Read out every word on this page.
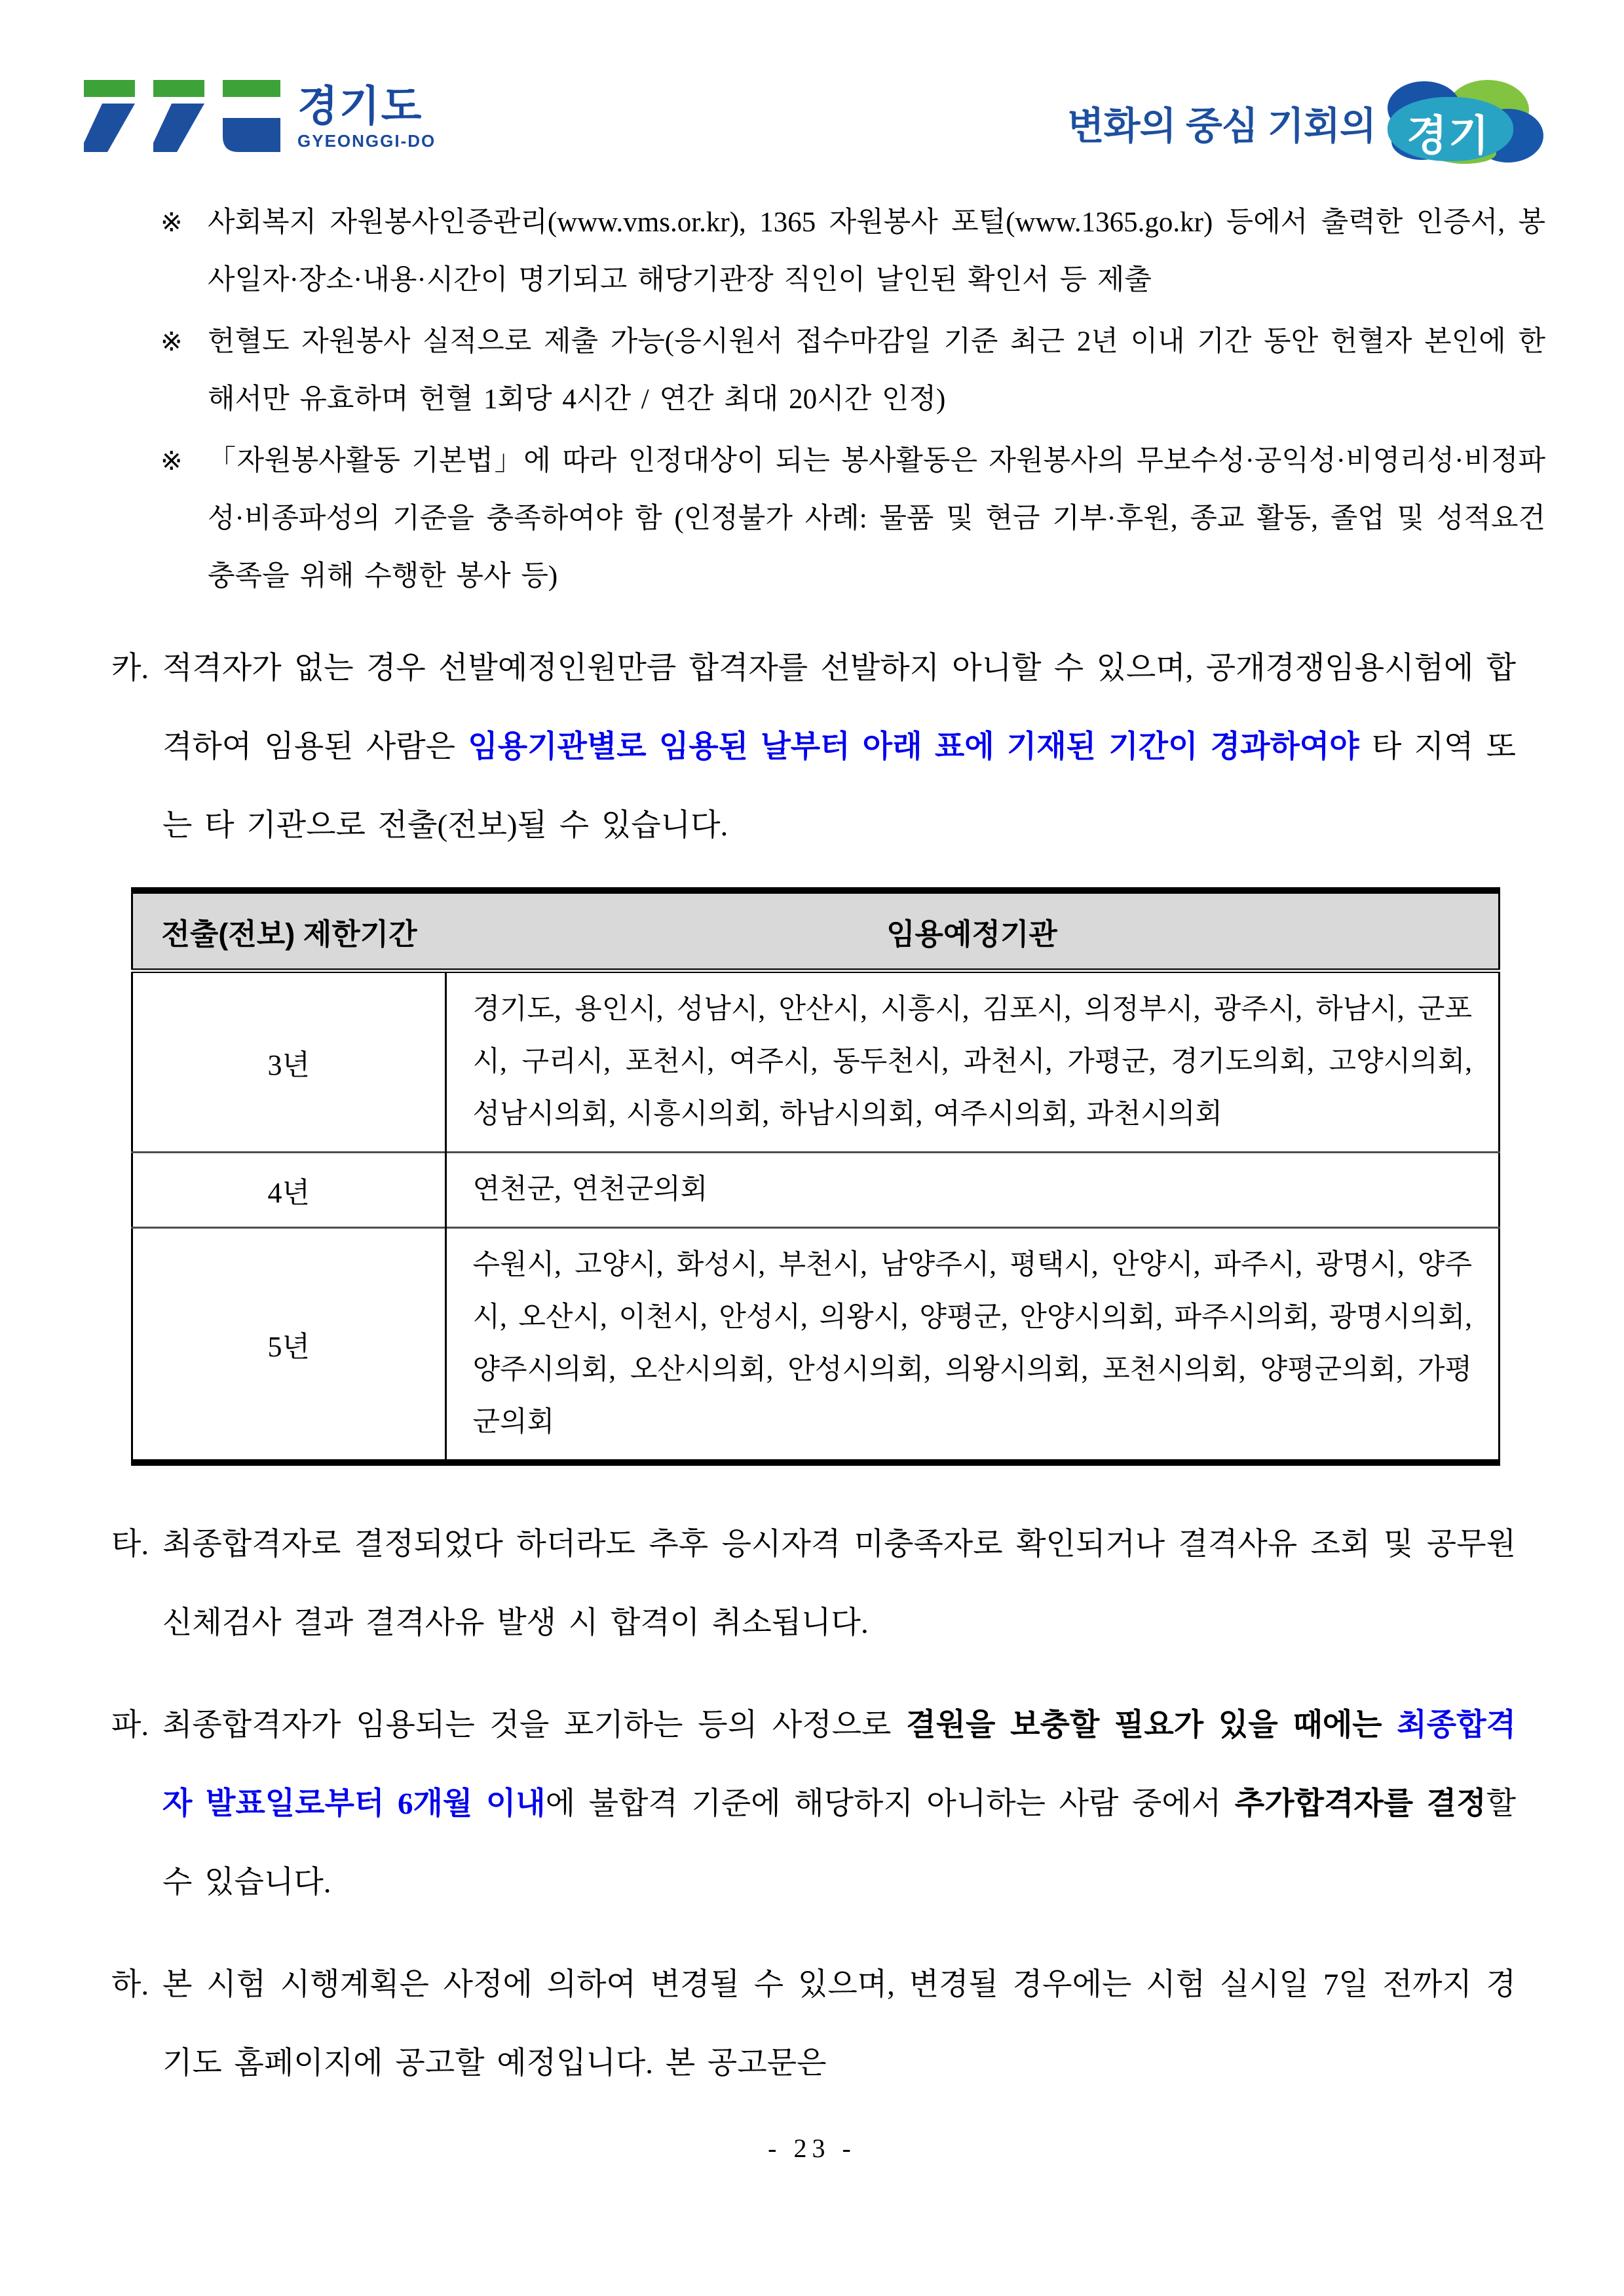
경기도
GYEONGGI-DO	변화의 중심 기회의 경기
※ 사회복지 자원봉사인증관리(www.vms.or.kr), 1365 자원봉사 포털(www.1365.go.kr) 등에서 출력한 인증서, 봉사일자·장소·내용·시간이 명기되고 해당기관장 직인이 날인된 확인서 등 제출
※ 헌혈도 자원봉사 실적으로 제출 가능(응시원서 접수마감일 기준 최근 2년 이내 기간 동안 헌혈자 본인에 한해서만 유효하며 헌혈 1회당 4시간 / 연간 최대 20시간 인정)
※ 「자원봉사활동 기본법」에 따라 인정대상이 되는 봉사활동은 자원봉사의 무보수성·공익성·비영리성·비정파성·비종파성의 기준을 충족하여야 함 (인정불가 사례: 물품 및 현금 기부·후원, 종교 활동, 졸업 및 성적요건 충족을 위해 수행한 봉사 등)
카. 적격자가 없는 경우 선발예정인원만큼 합격자를 선발하지 아니할 수 있으며, 공개경쟁임용시험에 합격하여 임용된 사람은 임용기관별로 임용된 날부터 아래 표에 기재된 기간이 경과하여야 타 지역 또는 타 기관으로 전출(전보)될 수 있습니다.
전출(전보) 제한기간	임용예정기관
3년	경기도, 용인시, 성남시, 안산시, 시흥시, 김포시, 의정부시, 광주시, 하남시, 군포시, 구리시, 포천시, 여주시, 동두천시, 과천시, 가평군, 경기도의회, 고양시의회, 성남시의회, 시흥시의회, 하남시의회, 여주시의회, 과천시의회
4년	연천군, 연천군의회
5년	수원시, 고양시, 화성시, 부천시, 남양주시, 평택시, 안양시, 파주시, 광명시, 양주시, 오산시, 이천시, 안성시, 의왕시, 양평군, 안양시의회, 파주시의회, 광명시의회, 양주시의회, 오산시의회, 안성시의회, 의왕시의회, 포천시의회, 양평군의회, 가평군의회
타. 최종합격자로 결정되었다 하더라도 추후 응시자격 미충족자로 확인되거나 결격사유 조회 및 공무원신체검사 결과 결격사유 발생 시 합격이 취소됩니다.
파. 최종합격자가 임용되는 것을 포기하는 등의 사정으로 결원을 보충할 필요가 있을 때에는 최종합격자 발표일로부터 6개월 이내에 불합격 기준에 해당하지 아니하는 사람 중에서 추가합격자를 결정할 수 있습니다.
하. 본 시험 시행계획은 사정에 의하여 변경될 수 있으며, 변경될 경우에는 시험 실시일 7일 전까지 경기도 홈페이지에 공고할 예정입니다. 본 공고문은
- 23 -
